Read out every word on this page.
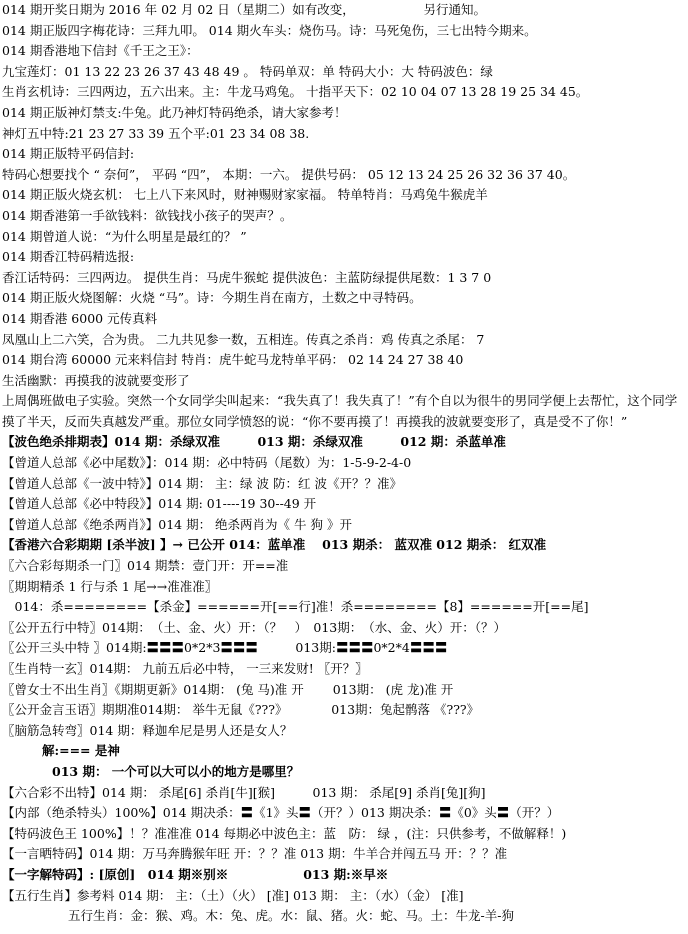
014 期开奖日期为 2016 年 02 月 02 日（星期二）如有改变，　　　　　　另行通知。
014 期正版四字梅花诗：三拜九叩。 014 期火车头：烧伤马。诗：马死兔伤，三七出特今期来。
014 期香港地下信封《千王之王》：
九宝莲灯：01 13 22 23 26 37 43 48 49 。 特码单双：单 特码大小：大 特码波色：绿
生肖玄机诗：三四两边，五六出来。主：牛龙马鸡兔。 十指平天下：02 10 04 07 13 28 19 25 34 45。
014 期正版神灯禁支:牛兔。此乃神灯特码绝杀，请大家参考！
神灯五中特:21 23 27 33 39 五个平:01 23 34 08 38.
014 期正版特平码信封:
特码心想要找个 “ 奈何”， 平码 “四”， 本期：一六。 提供号码： 05 12 13 24 25 26 32 36 37 40。
014 期正版火烧玄机： 七上八下来风时，财神赐财家家福。 特单特肖：马鸡兔牛猴虎羊
014 期香港第一手欲钱料：欲钱找小孩子的哭声？。
014 期曾道人说：“为什么明星是最红的？ ”
014 期香江特码精选报:
香江话特码：三四两边。 提供生肖：马虎牛猴蛇 提供波色：主蓝防绿提供尾数：1 3 7 0
014 期正版火烧图解：火烧 “马”。诗：今期生肖在南方，土数之中寻特码。
014 期香港 6000 元传真料
凤凰山上二六笑，合为贵。 二九共见参一数，五相连。传真之杀肖：鸡 传真之杀尾： 7
014 期台湾 60000 元来料信封 特肖：虎牛蛇马龙特单平码： 02 14 24 27 38 40
生活幽默：再摸我的波就要变形了
上周偶班做电子实验。突然一个女同学尖叫起来：“我失真了！我失真了！”有个自以为很牛的男同学便上去帮忙，这个同学摸了半天，反而失真越发严重。那位女同学愤怒的说：“你不要再摸了！再摸我的波就要变形了，真是受不了你！”
【波色绝杀排期表】014 期：杀绿双准　　　013 期：杀绿双准　　　012 期：杀蓝单准
【曾道人总部《必中尾数》】：014 期：必中特码（尾数）为：1-5-9-2-4-0
【曾道人总部《一波中特》】014 期： 主：绿 波 防：红 波《开？？准》
【曾道人总部《必中特段》】014 期: 01----19 30--49 开
【曾道人总部《绝杀两肖》】014 期： 绝杀两肖为《 牛 狗 》开
【香港六合彩期期 [杀半波] 】→ 已公开 014：蓝单准　 013 期杀： 蓝双准 012 期杀： 红双准
〖六合彩每期杀一门〗014 期禁：壹门开：开==准
〖期期精杀 1 行与杀 1 尾→→准准准〗
　014：杀========【杀金】======开[==行]准！杀========【8】======开[==尾]
〖公开五行中特〗014期：　（土、金、火）开：（？　）　013期：　（水、金、火）开：（？）
〖公开三头中特 〗014期:〓〓〓0*2*3〓〓〓　　　013期:〓〓〓0*2*4〓〓〓
〖生肖特一玄〗014期： 九前五后必中特， 一三来发财! 〖开？〗
〖曾女士不出生肖〗《期期更新》014期： (兔 马)准 开　　 013期： (虎 龙)准 开
〖公开金言玉语〗期期准014期： 举牛无鼠《???》　　　　013期：兔起鹘落 《???》
〖脑筋急转弯〗014 期：释迦牟尼是男人还是女人？
解:=== 是神
013 期： 一个可以大可以小的地方是哪里？
【六合彩不出特】014 期： 杀尾[6] 杀肖[牛][猴]　　　013 期： 杀尾[9] 杀肖[兔][狗]
【内部（绝杀特头）100%】014 期决杀：〓《1》头〓（开？）013 期决杀：〓《0》头〓（开？）
【特码波色王 100%】！？准准准 014 每期必中波色主：蓝　防： 绿 ，(注：只供参考，不做解释！)
【一言晒特码】014 期：万马奔腾猴年旺 开：？？准 013 期：牛羊合并闯五马 开：？？准
【一字解特码】: [原创]　014 期※别※　　　　　　013 期:※早※
【五行生肖】参考料 014 期： 主：（土）（火） [准] 013 期： 主：（水）（金） [准]
五行生肖：金：猴、鸡。木：兔、虎。水：鼠、猪。火：蛇、马。土：牛龙-羊-狗
